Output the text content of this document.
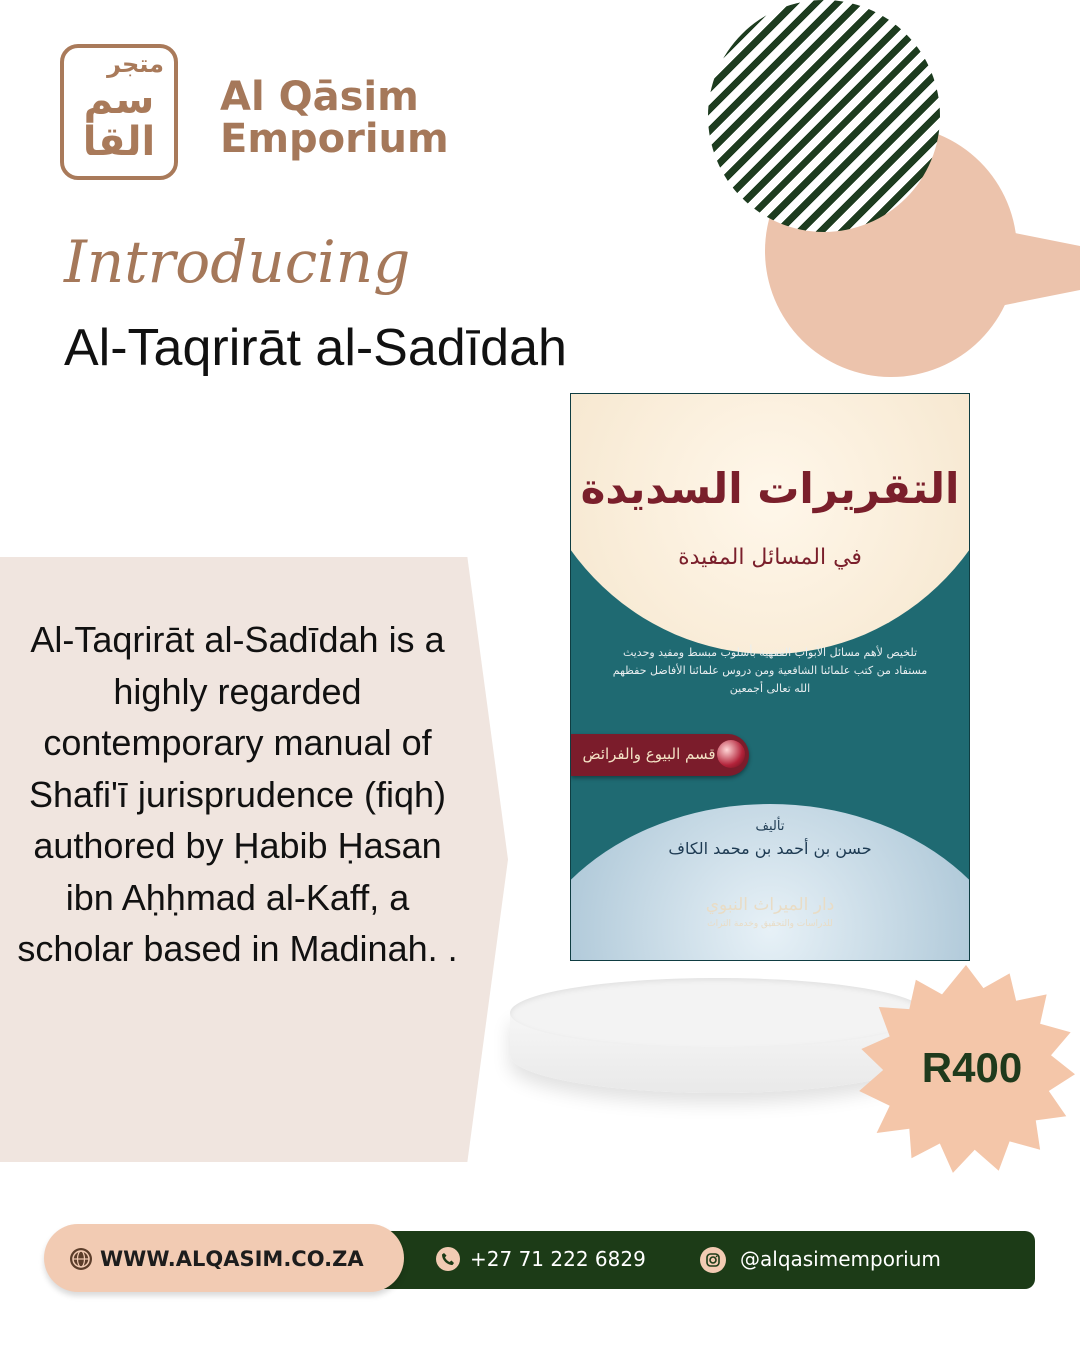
متجر
سم
القا
Al Qāsim
Emporium
Introducing
Al-Taqrirāt al-Sadīdah
Al-Taqrirāt al-Sadīdah is a highly regarded contemporary manual of Shafi'ī jurisprudence (fiqh) authored by Ḥabib Ḥasan ibn Aḥḥmad al-Kaff, a scholar based in Madinah. .
التقريرات السديدة
في المسائل المفيدة
تلخيص لأهم مسائل الأبواب الفقهية بأسلوب مبسط ومفيد وحديث مستفاد من كتب علمائنا الشافعية ومن دروس علمائنا الأفاضل حفظهم الله تعالى أجمعين
قسم البيوع والفرائض
تأليف
حسن بن أحمد بن محمد الكاف
دار الميراث النبوي
للدراسات والتحقيق وخدمة التراث
R400
WWW.ALQASIM.CO.ZA	+27 71 222 6829	@alqasimemporium
